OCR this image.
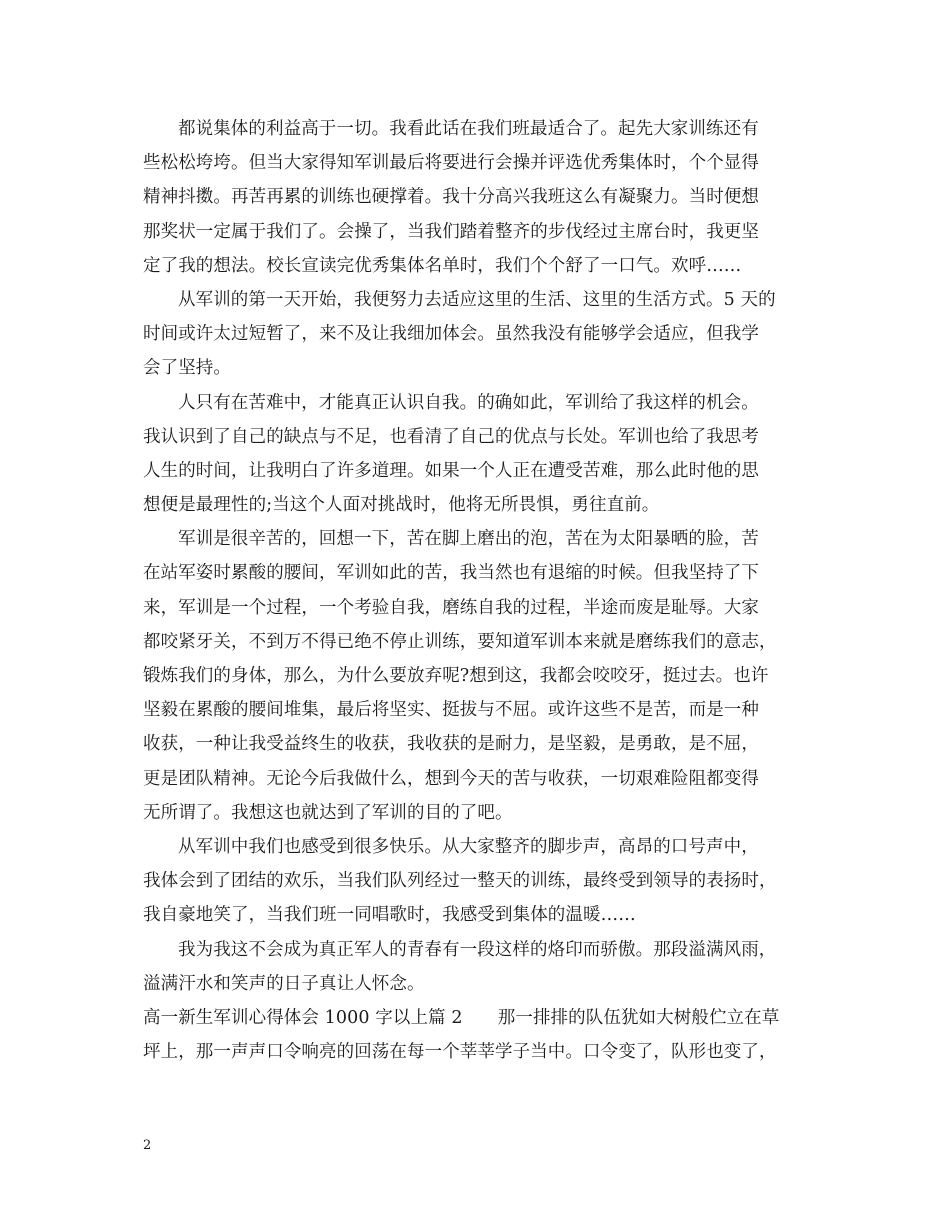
都说集体的利益高于一切。我看此话在我们班最适合了。起先大家训练还有
些松松垮垮。但当大家得知军训最后将要进行会操并评选优秀集体时，个个显得
精神抖擞。再苦再累的训练也硬撑着。我十分高兴我班这么有凝聚力。当时便想
那奖状一定属于我们了。会操了，当我们踏着整齐的步伐经过主席台时，我更坚
定了我的想法。校长宣读完优秀集体名单时，我们个个舒了一口气。欢呼……
从军训的第一天开始，我便努力去适应这里的生活、这里的生活方式。5 天的
时间或许太过短暂了，来不及让我细加体会。虽然我没有能够学会适应，但我学
会了坚持。
人只有在苦难中，才能真正认识自我。的确如此，军训给了我这样的机会。
我认识到了自己的缺点与不足，也看清了自己的优点与长处。军训也给了我思考
人生的时间，让我明白了许多道理。如果一个人正在遭受苦难，那么此时他的思
想便是最理性的;当这个人面对挑战时，他将无所畏惧，勇往直前。
军训是很辛苦的，回想一下，苦在脚上磨出的泡，苦在为太阳暴晒的脸，苦
在站军姿时累酸的腰间，军训如此的苦，我当然也有退缩的时候。但我坚持了下
来，军训是一个过程，一个考验自我，磨练自我的过程，半途而废是耻辱。大家
都咬紧牙关，不到万不得已绝不停止训练，要知道军训本来就是磨练我们的意志，
锻炼我们的身体，那么，为什么要放弃呢?想到这，我都会咬咬牙，挺过去。也许
坚毅在累酸的腰间堆集，最后将坚实、挺拔与不屈。或许这些不是苦，而是一种
收获，一种让我受益终生的收获，我收获的是耐力，是坚毅，是勇敢，是不屈，
更是团队精神。无论今后我做什么，想到今天的苦与收获，一切艰难险阻都变得
无所谓了。我想这也就达到了军训的目的了吧。
从军训中我们也感受到很多快乐。从大家整齐的脚步声，高昂的口号声中，
我体会到了团结的欢乐，当我们队列经过一整天的训练，最终受到领导的表扬时，
我自豪地笑了，当我们班一同唱歌时，我感受到集体的温暖……
我为我这不会成为真正军人的青春有一段这样的烙印而骄傲。那段溢满风雨，
溢满汗水和笑声的日子真让人怀念。
高一新生军训心得体会 1000 字以上篇 2　　那一排排的队伍犹如大树般伫立在草
坪上，那一声声口令响亮的回荡在每一个莘莘学子当中。口令变了，队形也变了，
2
